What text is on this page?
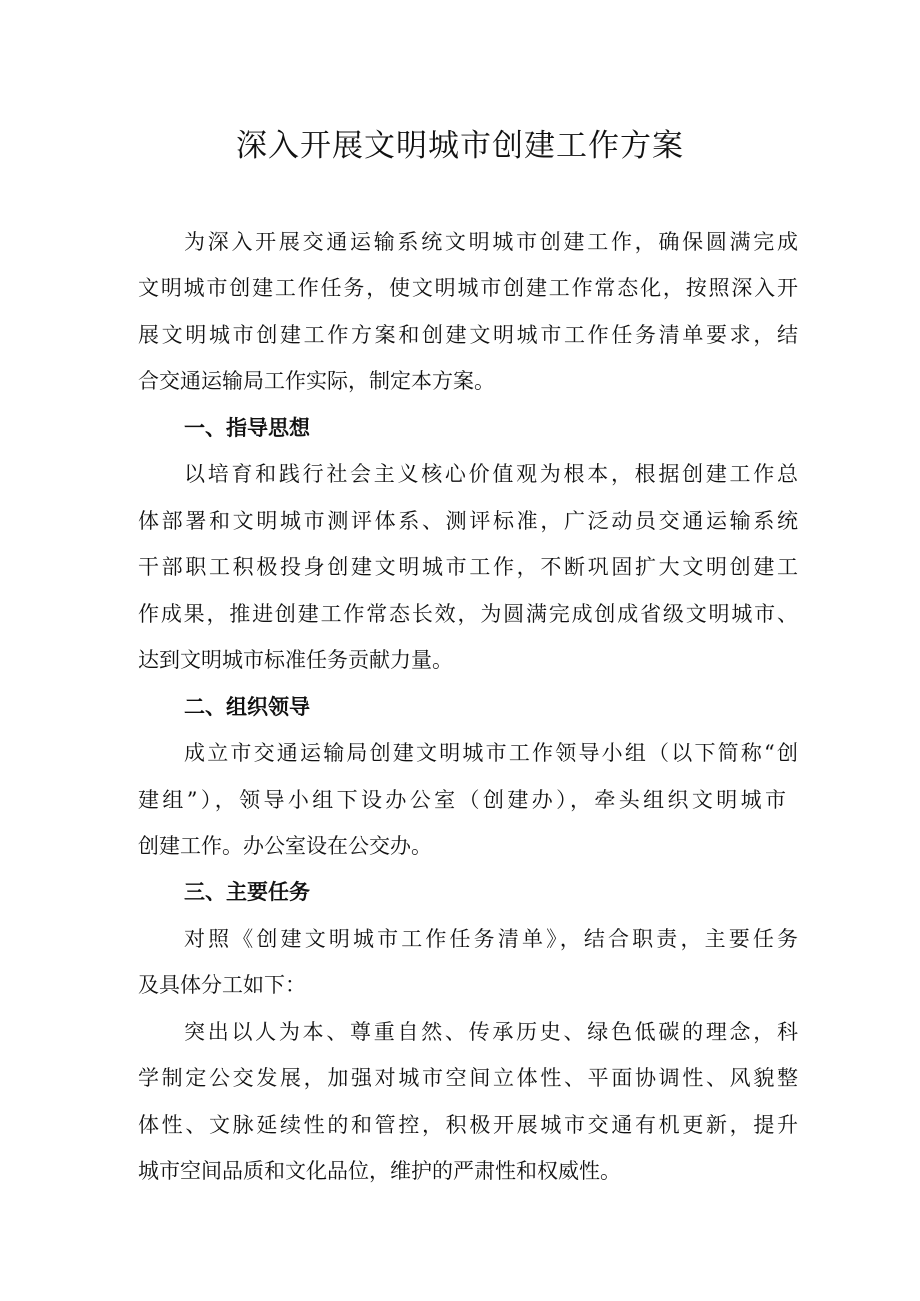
深入开展文明城市创建工作方案

为深入开展交通运输系统文明城市创建工作，确保圆满完成

文明城市创建工作任务，使文明城市创建工作常态化，按照深入开

展文明城市创建工作方案和创建文明城市工作任务清单要求，结

合交通运输局工作实际，制定本方案。

一、指导思想

以培育和践行社会主义核心价值观为根本，根据创建工作总

体部署和文明城市测评体系、测评标准，广泛动员交通运输系统

干部职工积极投身创建文明城市工作，不断巩固扩大文明创建工

作成果，推进创建工作常态长效，为圆满完成创成省级文明城市、

达到文明城市标准任务贡献力量。

二、组织领导

成立市交通运输局创建文明城市工作领导小组（以下简称“创

建组”），领导小组下设办公室（创建办），牵头组织文明城市

创建工作。办公室设在公交办。

三、主要任务

对照《创建文明城市工作任务清单》，结合职责，主要任务

及具体分工如下：

突出以人为本、尊重自然、传承历史、绿色低碳的理念，科

学制定公交发展，加强对城市空间立体性、平面协调性、风貌整

体性、文脉延续性的和管控，积极开展城市交通有机更新，提升

城市空间品质和文化品位，维护的严肃性和权威性。
